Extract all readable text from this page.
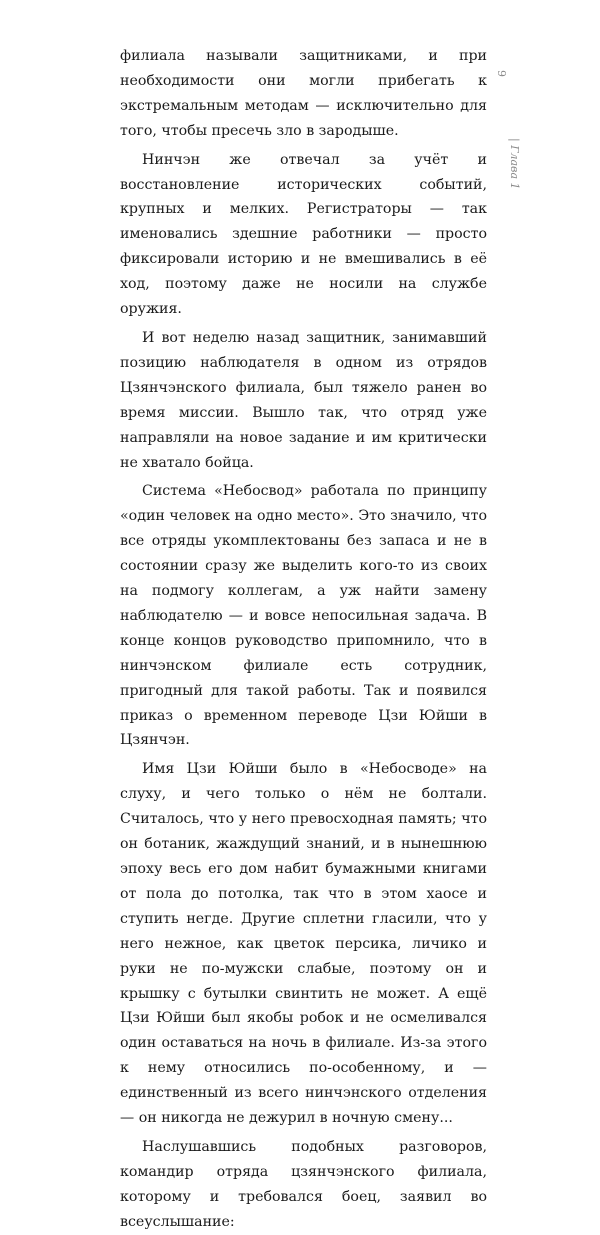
филиала называли защитниками, и при необходимости они могли прибегать к экстремальным методам — исключительно для того, чтобы пресечь зло в зародыше.

Нинчэн же отвечал за учёт и восстановление исторических событий, крупных и мелких. Регистраторы — так именовались здешние работники — просто фиксировали историю и не вмешивались в её ход, поэтому даже не носили на службе оружия.

И вот неделю назад защитник, занимавший позицию наблюдателя в одном из отрядов Цзянчэнского филиала, был тяжело ранен во время миссии. Вышло так, что отряд уже направляли на новое задание и им критически не хватало бойца.

Система «Небосвод» работала по принципу «один человек на одно место». Это значило, что все отряды укомплектованы без запаса и не в состоянии сразу же выделить кого-то из своих на подмогу коллегам, а уж найти замену наблюдателю — и вовсе непосильная задача. В конце концов руководство припомнило, что в нинчэнском филиале есть сотрудник, пригодный для такой работы. Так и появился приказ о временном переводе Цзи Юйши в Цзянчэн.

Имя Цзи Юйши было в «Небосводе» на слуху, и чего только о нём не болтали. Считалось, что у него превосходная память; что он ботаник, жаждущий знаний, и в нынешнюю эпоху весь его дом набит бумажными книгами от пола до потолка, так что в этом хаосе и ступить негде. Другие сплетни гласили, что у него нежное, как цветок персика, личико и руки не по-мужски слабые, поэтому он и крышку с бутылки свинтить не может. А ещё Цзи Юйши был якобы робок и не осмеливался один оставаться на ночь в филиале. Из-за этого к нему относились по-особенному, и — единственный из всего нинчэнского отделения — он никогда не дежурил в ночную смену...

Наслушавшись подобных разговоров, командир отряда цзянчэнского филиала, которому и требовался боец, заявил во всеуслышание:

9
| Глава 1
